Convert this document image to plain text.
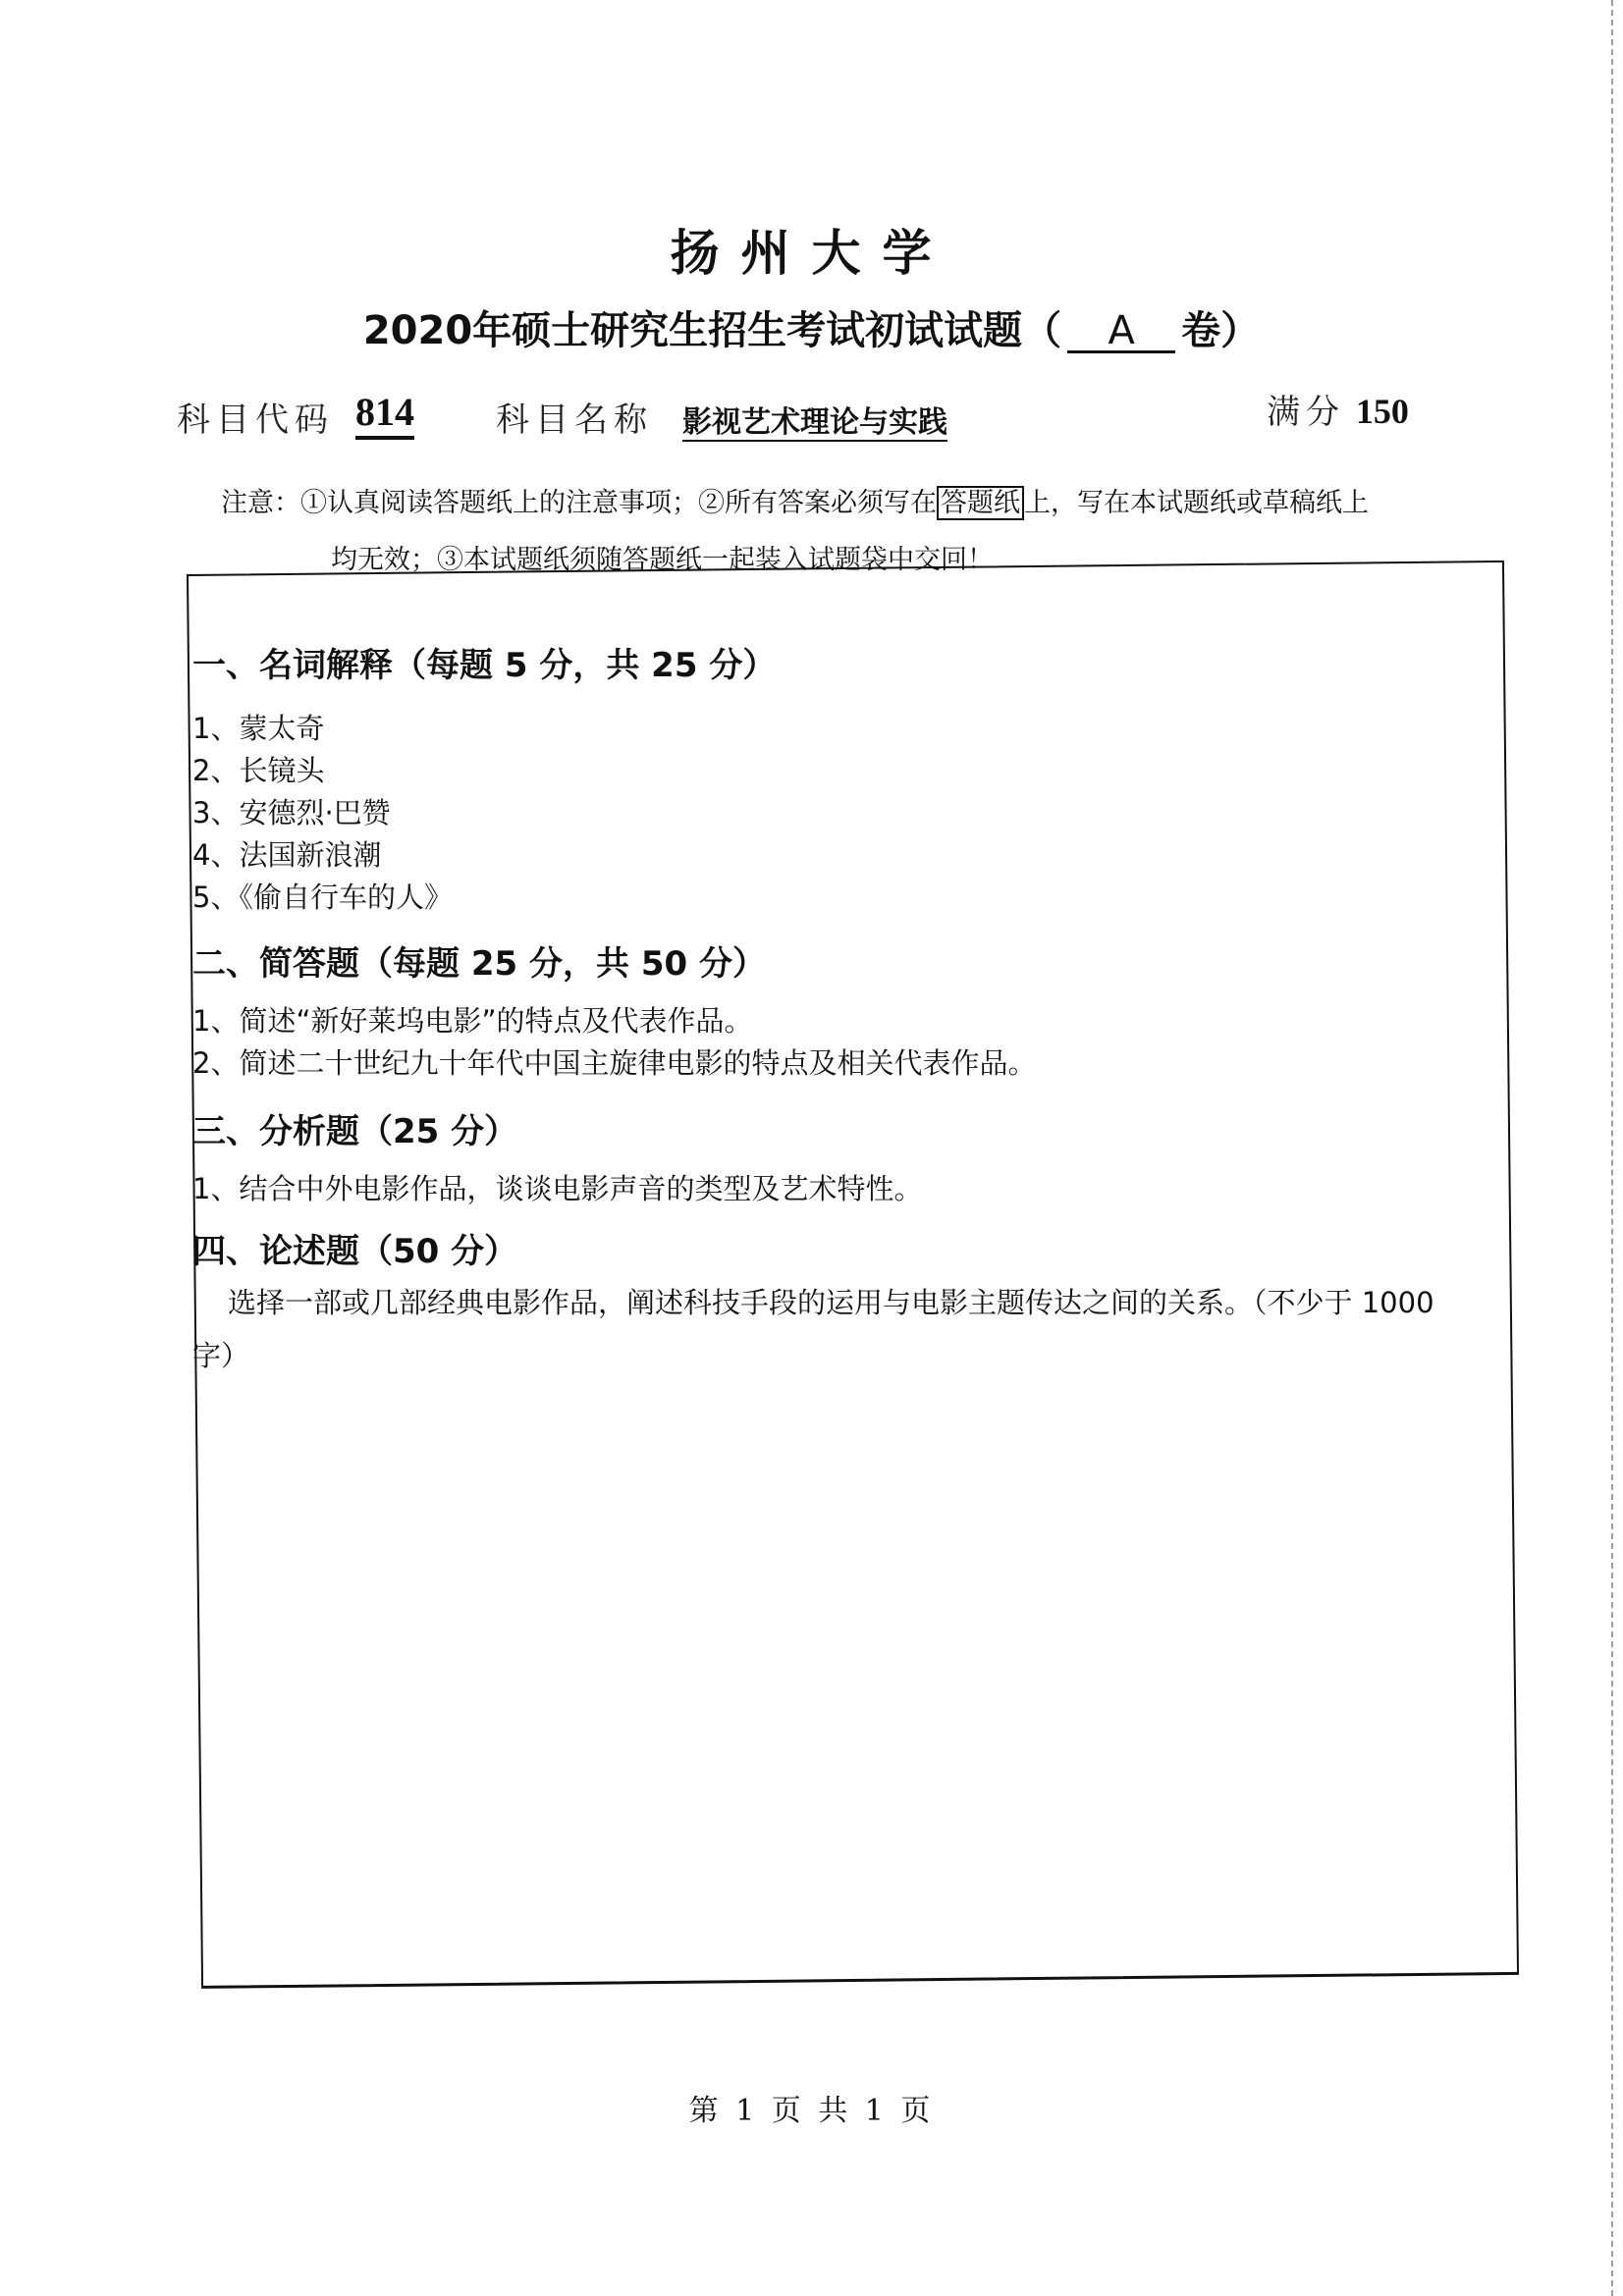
扬州大学
2020年硕士研究生招生考试初试试题（ A 卷）
科目代码 814 科目名称 影视艺术理论与实践	满分 150
注意：①认真阅读答题纸上的注意事项；②所有答案必须写在 答题纸 上，写在本试题纸或草稿纸上
均无效；③本试题纸须随答题纸一起装入试题袋中交回！

一、名词解释（每题 5 分，共 25 分）

1、蒙太奇

2、长镜头

3、安德烈·巴赞

4、法国新浪潮

5、《偷自行车的人》

二、简答题（每题 25 分，共 50 分）

1、简述“新好莱坞电影”的特点及代表作品。

2、简述二十世纪九十年代中国主旋律电影的特点及相关代表作品。

三、分析题（25 分）

1、结合中外电影作品，谈谈电影声音的类型及艺术特性。

四、论述题（50 分）

选择一部或几部经典电影作品，阐述科技手段的运用与电影主题传达之间的关系。（不少于 1000 字）

第 1 页 共 1 页
